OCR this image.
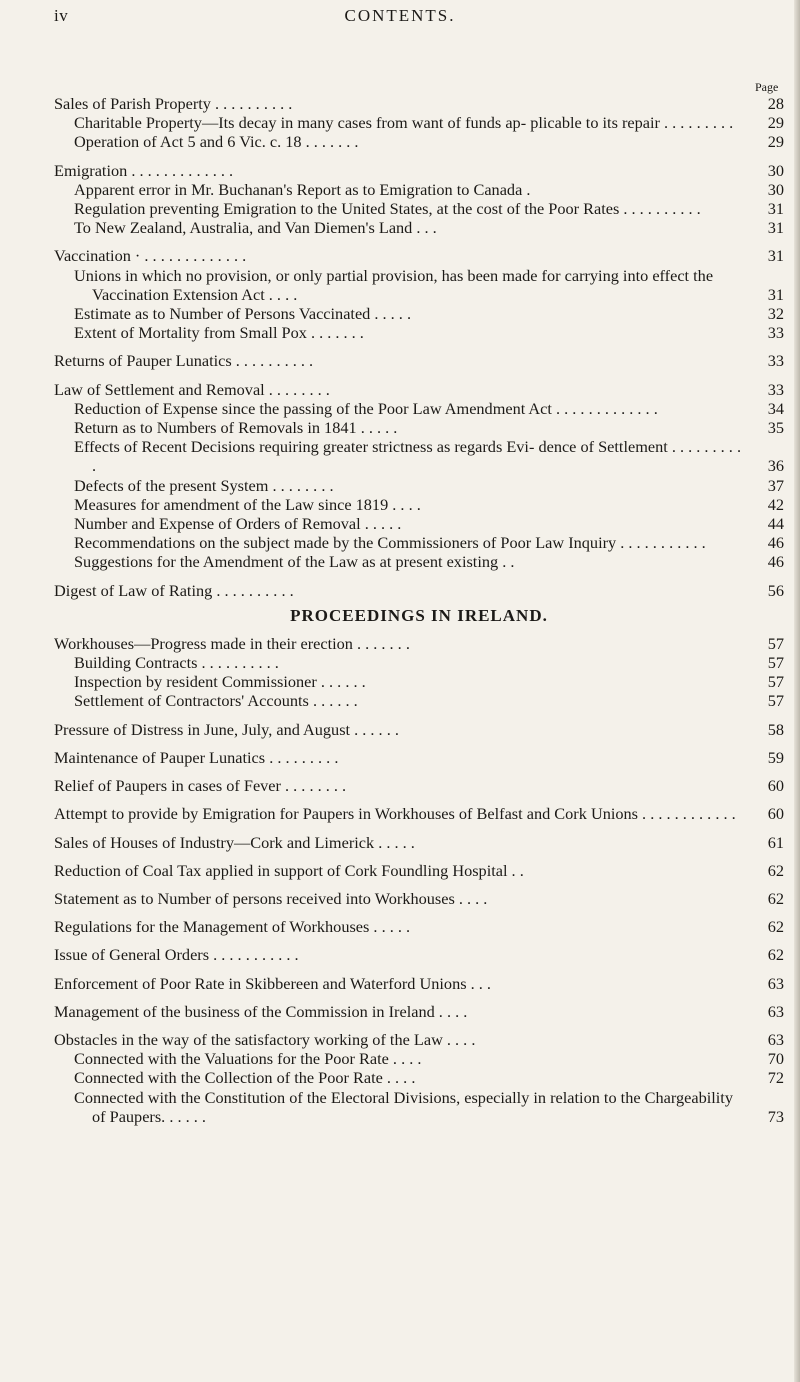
iv	CONTENTS.
Page
Sales of Parish Property . . . . . . . . . .	28
Charitable Property—Its decay in many cases from want of funds ap- plicable to its repair . . . . . . . . .	29
Operation of Act 5 and 6 Vic. c. 18 . . . . . . .	29
Emigration . . . . . . . . . . . . .	30
Apparent error in Mr. Buchanan's Report as to Emigration to Canada .	30
Regulation preventing Emigration to the United States, at the cost of the Poor Rates . . . . . . . . . .	31
To New Zealand, Australia, and Van Diemen's Land . . .	31
Vaccination · . . . . . . . . . . . . .	31
Unions in which no provision, or only partial provision, has been made for carrying into effect the Vaccination Extension Act . . . .	31
Estimate as to Number of Persons Vaccinated . . . . .	32
Extent of Mortality from Small Pox . . . . . . .	33
Returns of Pauper Lunatics . . . . . . . . . .	33
Law of Settlement and Removal . . . . . . . .	33
Reduction of Expense since the passing of the Poor Law Amendment Act . . . . . . . . . . . . .	34
Return as to Numbers of Removals in 1841 . . . . .	35
Effects of Recent Decisions requiring greater strictness as regards Evi- dence of Settlement . . . . . . . . . .	36
Defects of the present System . . . . . . . .	37
Measures for amendment of the Law since 1819 . . . .	42
Number and Expense of Orders of Removal . . . . .	44
Recommendations on the subject made by the Commissioners of Poor Law Inquiry . . . . . . . . . . .	46
Suggestions for the Amendment of the Law as at present existing . .	46
Digest of Law of Rating . . . . . . . . . .	56
PROCEEDINGS IN IRELAND.
Workhouses—Progress made in their erection . . . . . . .	57
Building Contracts . . . . . . . . . .	57
Inspection by resident Commissioner . . . . . .	57
Settlement of Contractors' Accounts . . . . . .	57
Pressure of Distress in June, July, and August . . . . . .	58
Maintenance of Pauper Lunatics . . . . . . . . .	59
Relief of Paupers in cases of Fever . . . . . . . .	60
Attempt to provide by Emigration for Paupers in Workhouses of Belfast and Cork Unions . . . . . . . . . . . .	60
Sales of Houses of Industry—Cork and Limerick . . . . .	61
Reduction of Coal Tax applied in support of Cork Foundling Hospital . .	62
Statement as to Number of persons received into Workhouses . . . .	62
Regulations for the Management of Workhouses . . . . .	62
Issue of General Orders . . . . . . . . . . .	62
Enforcement of Poor Rate in Skibbereen and Waterford Unions . . .	63
Management of the business of the Commission in Ireland . . . .	63
Obstacles in the way of the satisfactory working of the Law . . . .	63
Connected with the Valuations for the Poor Rate . . . .	70
Connected with the Collection of the Poor Rate . . . .	72
Connected with the Constitution of the Electoral Divisions, especially in relation to the Chargeability of Paupers. . . . . .	73
